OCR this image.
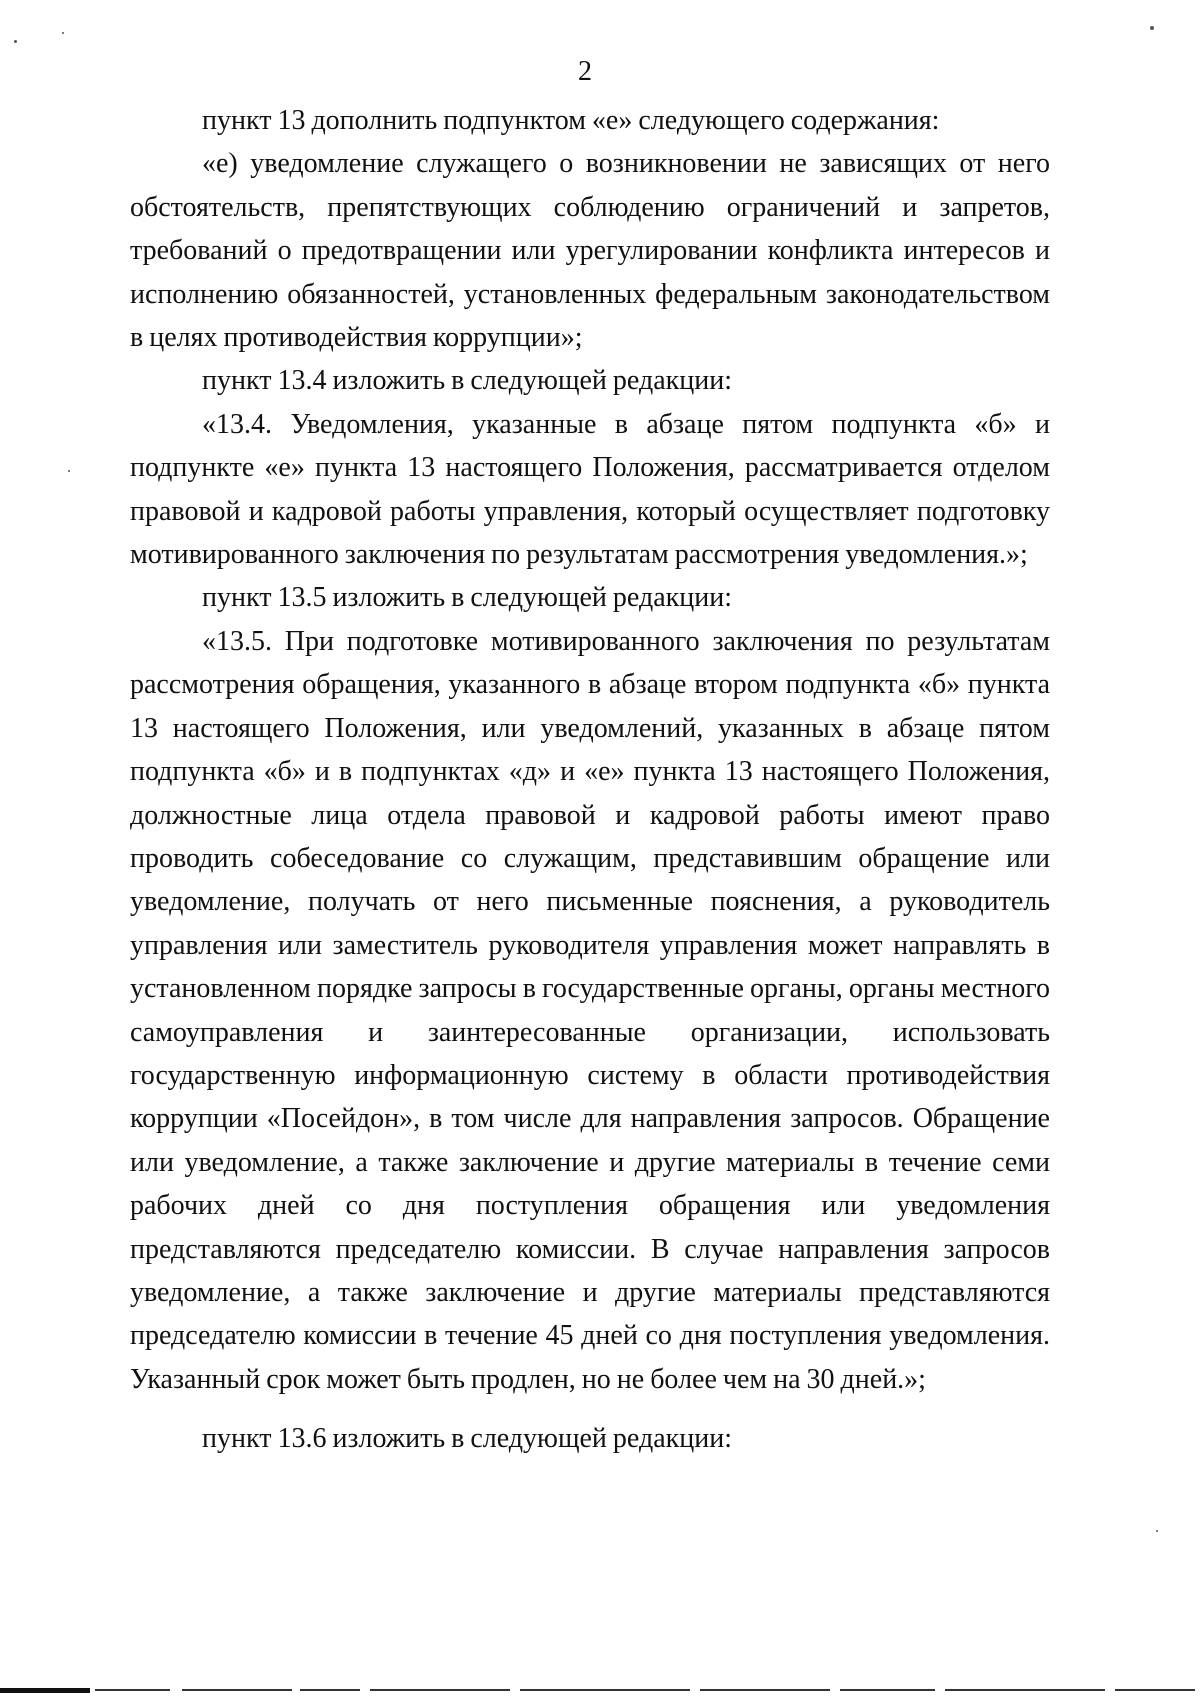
2

пункт 13 дополнить подпунктом «е» следующего содержания:

«е) уведомление служащего о возникновении не зависящих от него обстоятельств, препятствующих соблюдению ограничений и запретов, требований о предотвращении или урегулировании конфликта интересов и исполнению обязанностей, установленных федеральным законодательством в целях противодействия коррупции»;

пункт 13.4 изложить в следующей редакции:

«13.4. Уведомления, указанные в абзаце пятом подпункта «б» и подпункте «е» пункта 13 настоящего Положения, рассматривается отделом правовой и кадровой работы управления, который осуществляет подготовку мотивированного заключения по результатам рассмотрения уведомления.»;

пункт 13.5 изложить в следующей редакции:

«13.5. При подготовке мотивированного заключения по результатам рассмотрения обращения, указанного в абзаце втором подпункта «б» пункта 13 настоящего Положения, или уведомлений, указанных в абзаце пятом подпункта «б» и в подпунктах «д» и «е» пункта 13 настоящего Положения, должностные лица отдела правовой и кадровой работы имеют право проводить собеседование со служащим, представившим обращение или уведомление, получать от него письменные пояснения, а руководитель управления или заместитель руководителя управления может направлять в установленном порядке запросы в государственные органы, органы местного самоуправления и заинтересованные организации, использовать государственную информационную систему в области противодействия коррупции «Посейдон», в том числе для направления запросов. Обращение или уведомление, а также заключение и другие материалы в течение семи рабочих дней со дня поступления обращения или уведомления представляются председателю комиссии. В случае направления запросов уведомление, а также заключение и другие материалы представляются председателю комиссии в течение 45 дней со дня поступления уведомления. Указанный срок может быть продлен, но не более чем на 30 дней.»;

пункт 13.6 изложить в следующей редакции:
